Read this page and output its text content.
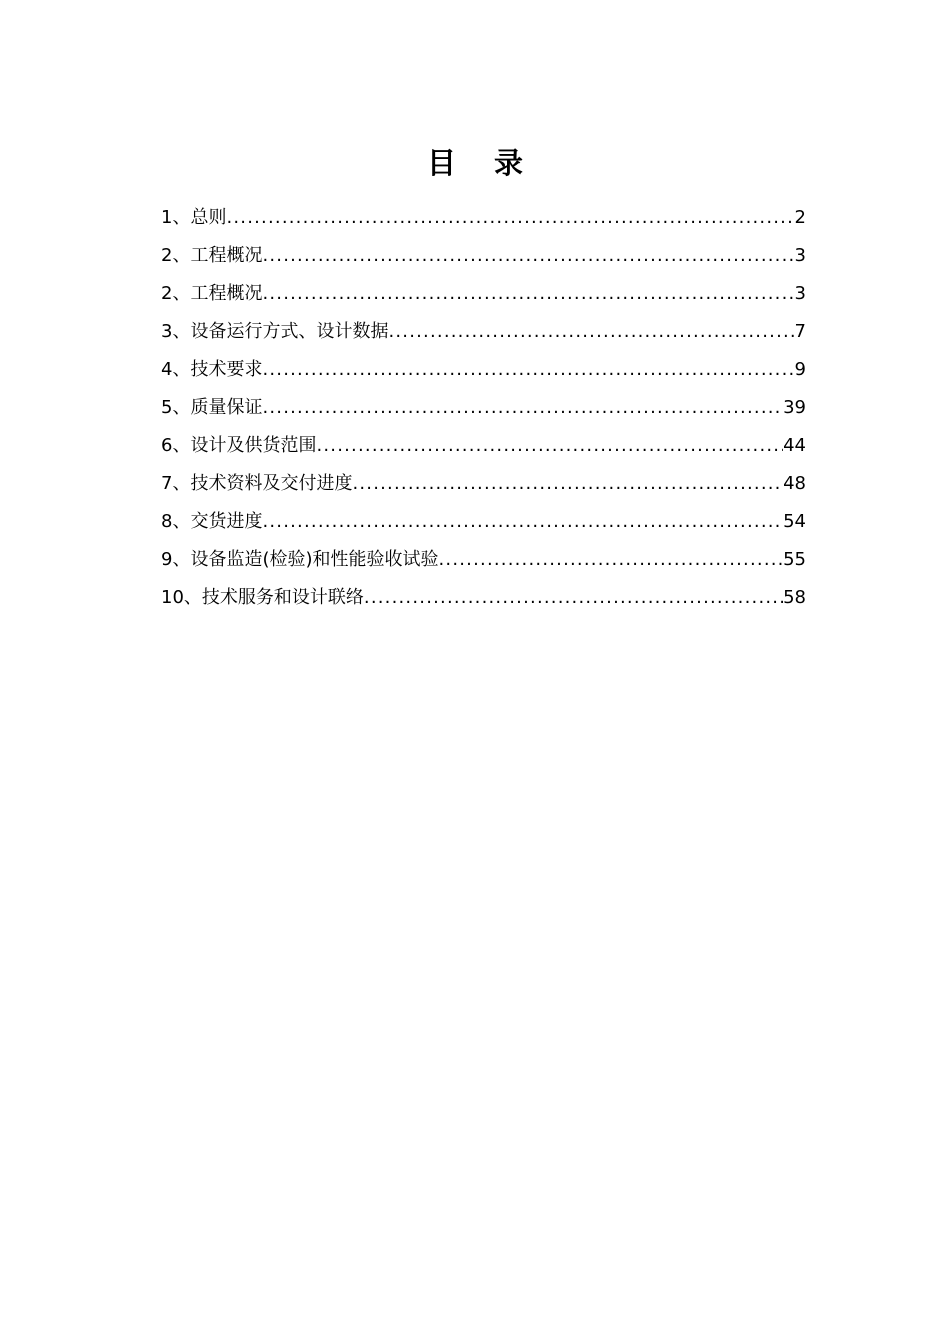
目 录
1、总则 .....	2
2、工程概况 .....	3
2、工程概况 .....	3
3、设备运行方式、设计数据 .....	7
4、技术要求 .....	9
5、质量保证 .....	39
6、设计及供货范围 .....	44
7、技术资料及交付进度 .....	48
8、交货进度 .....	54
9、设备监造(检验)和性能验收试验 .....	55
10、技术服务和设计联络 .....	58
